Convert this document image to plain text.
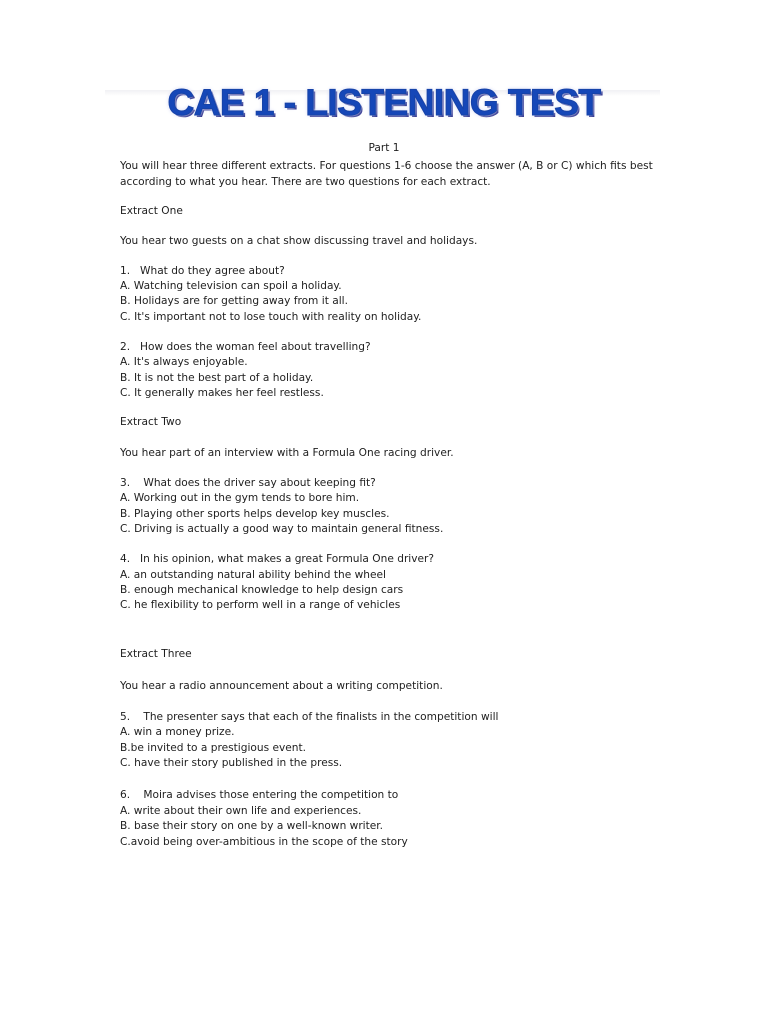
CAE 1 - LISTENING TEST
Part 1
You will hear three different extracts. For questions 1-6 choose the answer (A, B or C) which fits best
according to what you hear. There are two questions for each extract.
Extract One
You hear two guests on a chat show discussing travel and holidays.
1. What do they agree about?
A. Watching television can spoil a holiday.
B. Holidays are for getting away from it all.
C. It's important not to lose touch with reality on holiday.
2. How does the woman feel about travelling?
A. It's always enjoyable.
B. It is not the best part of a holiday.
C. It generally makes her feel restless.
Extract Two
You hear part of an interview with a Formula One racing driver.
3. What does the driver say about keeping fit?
A. Working out in the gym tends to bore him.
B. Playing other sports helps develop key muscles.
C. Driving is actually a good way to maintain general fitness.
4. In his opinion, what makes a great Formula One driver?
A. an outstanding natural ability behind the wheel
B. enough mechanical knowledge to help design cars
C. he flexibility to perform well in a range of vehicles
Extract Three
You hear a radio announcement about a writing competition.
5. The presenter says that each of the finalists in the competition will
A. win a money prize.
B.be invited to a prestigious event.
C. have their story published in the press.
6. Moira advises those entering the competition to
A. write about their own life and experiences.
B. base their story on one by a well-known writer.
C.avoid being over-ambitious in the scope of the story
